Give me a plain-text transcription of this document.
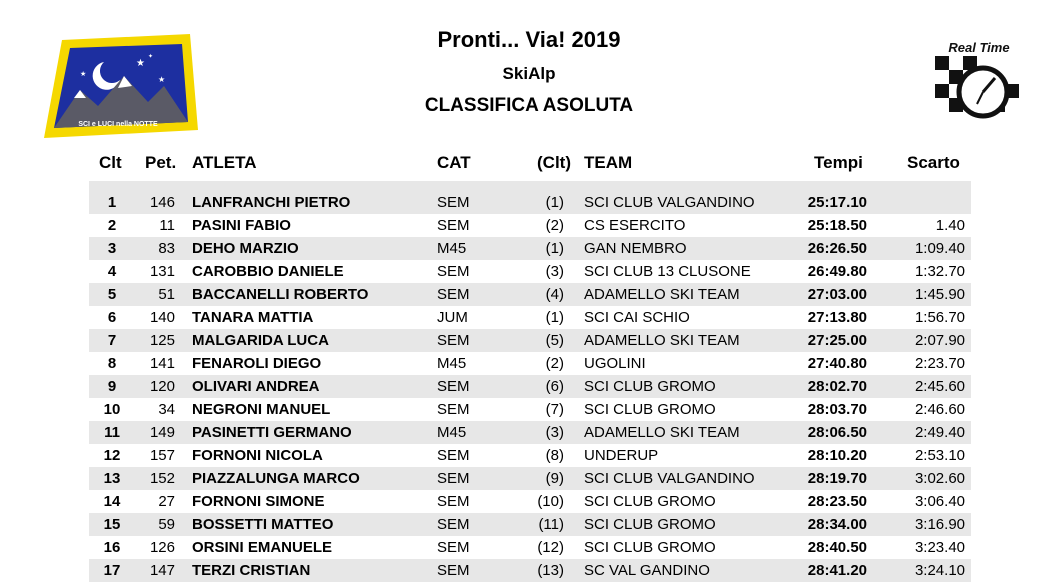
★
★
★
✦
SCI e LUCI nella NOTTE
Real Time
Pronti... Via! 2019
SkiAlp
CLASSIFICA ASOLUTA
Clt Pet. ATLETA	CAT	(Clt) TEAM	Tempi	Scarto
1	146 LANFRANCHI PIETRO	SEM	(1) SCI CLUB VALGANDINO	25:17.10
2	11 PASINI FABIO	SEM	(2) CS ESERCITO	25:18.50	1.40
3	83 DEHO MARZIO	M45	(1) GAN NEMBRO	26:26.50	1:09.40
4	131 CAROBBIO DANIELE	SEM	(3) SCI CLUB 13 CLUSONE	26:49.80	1:32.70
5	51 BACCANELLI ROBERTO	SEM	(4) ADAMELLO SKI TEAM	27:03.00	1:45.90
6	140 TANARA MATTIA	JUM	(1) SCI CAI SCHIO	27:13.80	1:56.70
7	125 MALGARIDA LUCA	SEM	(5) ADAMELLO SKI TEAM	27:25.00	2:07.90
8	141 FENAROLI DIEGO	M45	(2) UGOLINI	27:40.80	2:23.70
9	120 OLIVARI ANDREA	SEM	(6) SCI CLUB GROMO	28:02.70	2:45.60
10	34 NEGRONI MANUEL	SEM	(7) SCI CLUB GROMO	28:03.70	2:46.60
11	149 PASINETTI GERMANO	M45	(3) ADAMELLO SKI TEAM	28:06.50	2:49.40
12	157 FORNONI NICOLA	SEM	(8) UNDERUP	28:10.20	2:53.10
13	152 PIAZZALUNGA MARCO	SEM	(9) SCI CLUB VALGANDINO	28:19.70	3:02.60
14	27 FORNONI SIMONE	SEM	(10) SCI CLUB GROMO	28:23.50	3:06.40
15	59 BOSSETTI MATTEO	SEM	(11) SCI CLUB GROMO	28:34.00	3:16.90
16	126 ORSINI EMANUELE	SEM	(12) SCI CLUB GROMO	28:40.50	3:23.40
17	147 TERZI CRISTIAN	SEM	(13) SC VAL GANDINO	28:41.20	3:24.10
